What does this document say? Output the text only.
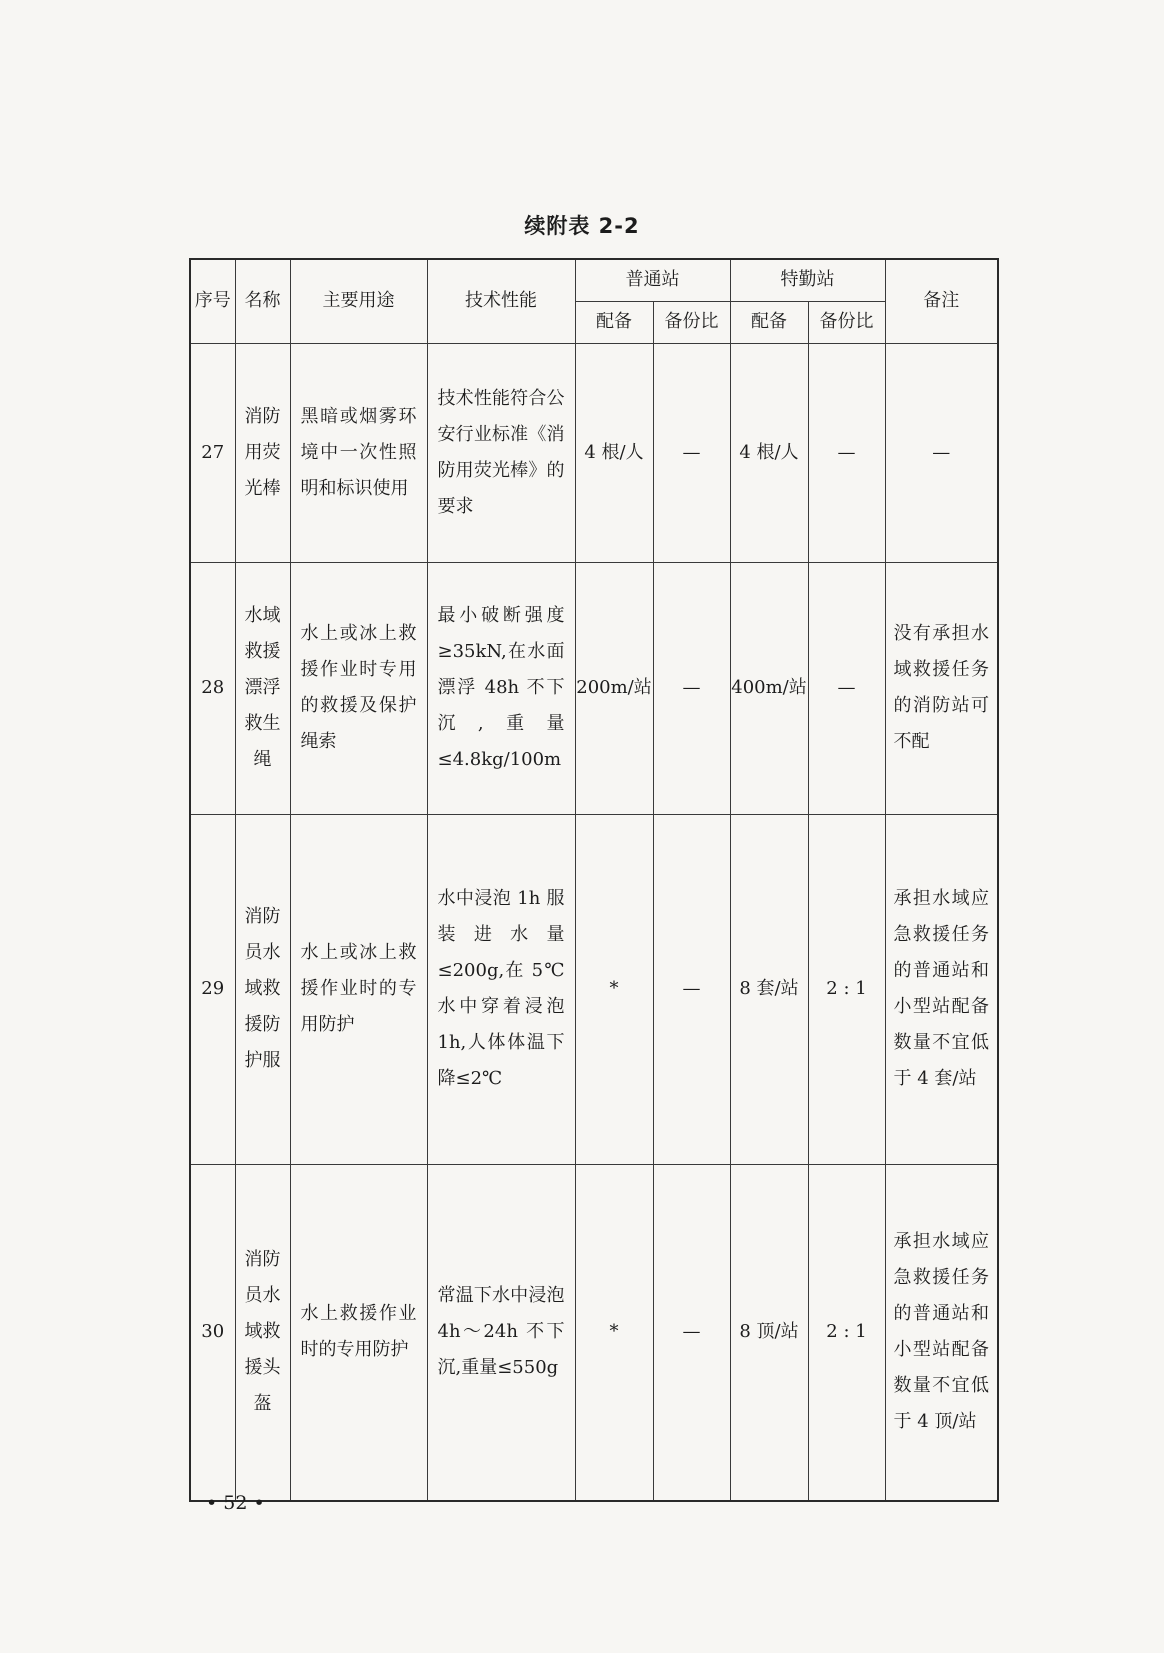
续附表 2-2
序号	名称	主要用途	技术性能	普通站		特勤站		备注
				配备	备份比	配备	备份比	
27	消防用荧光棒	黑暗或烟雾环境中一次性照明和标识使用	技术性能符合公安行业标准《消防用荧光棒》的要求	4 根/人	—	4 根/人	—	—
28	水域救援漂浮救生绳	水上或冰上救援作业时专用的救援及保护绳索	最小破断强度≥35kN,在水面漂浮 48h 不下沉,重量≤4.8kg/100m	200m/站	—	400m/站	—	没有承担水域救援任务的消防站可不配
29	消防员水域救援防护服	水上或冰上救援作业时的专用防护	水中浸泡 1h 服装进水量≤200g,在 5℃水中穿着浸泡 1h,人体体温下降≤2℃	*	—	8 套/站	2 : 1	承担水域应急救援任务的普通站和小型站配备数量不宜低于 4 套/站
30	消防员水域救援头盔	水上救援作业时的专用防护	常温下水中浸泡 4h～24h 不下沉,重量≤550g	*	—	8 顶/站	2 : 1	承担水域应急救援任务的普通站和小型站配备数量不宜低于 4 顶/站
• 52 •
